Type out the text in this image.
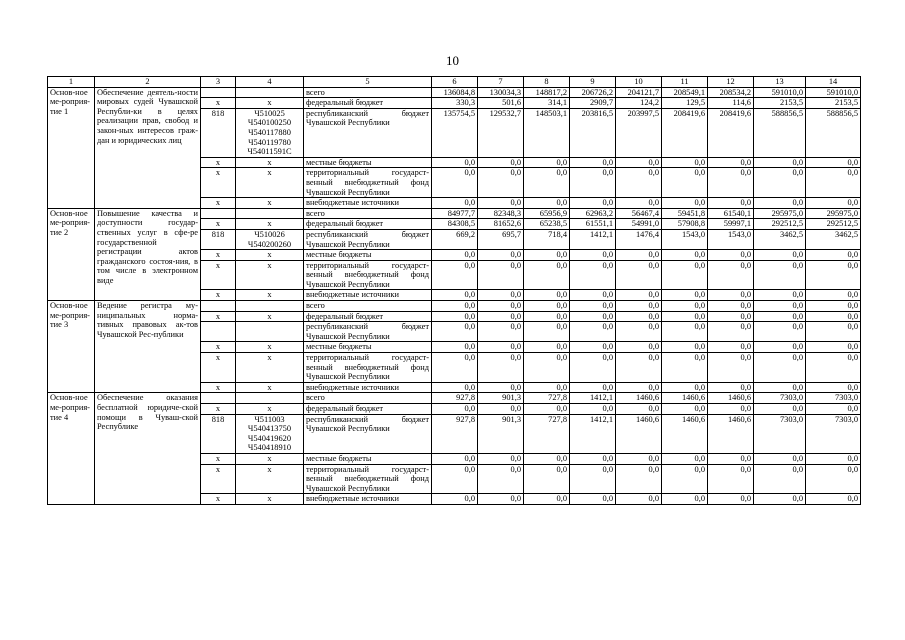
10
1	2	3	4	5	6	7	8	9	10	11	12	13	14
Основ-ное ме-роприя-тие 1	Обеспечение деятель-ности мировых судей Чувашской Республи-ки в целях реализации прав, свобод и закон-ных интересов граж-дан и юридических лиц			всего	136084,8	130034,3	148817,2	206726,2	204121,7	208549,1	208534,2	591010,0	591010,0
		x	x	федеральный бюджет	330,3	501,6	314,1	2909,7	124,2	129,5	114,6	2153,5	2153,5
		818	Ч510025
Ч540100250
Ч540117880
Ч540119780
Ч54011591С	республиканский бюджет Чувашской Республики	135754,5	129532,7	148503,1	203816,5	203997,5	208419,6	208419,6	588856,5	588856,5
		x	x	местные бюджеты	0,0	0,0	0,0	0,0	0,0	0,0	0,0	0,0	0,0
		x	x	территориальный государст-венный внебюджетный фонд Чувашской Республики	0,0	0,0	0,0	0,0	0,0	0,0	0,0	0,0	0,0
		x	x	внебюджетные источники	0,0	0,0	0,0	0,0	0,0	0,0	0,0	0,0	0,0
Основ-ное ме-роприя-тие 2	Повышение качества и доступности государ-ственных услуг в сфе-ре государственной регистрации актов гражданского состоя-ния, в том числе в электронном виде			всего	84977,7	82348,3	65956,9	62963,2	56467,4	59451,8	61540,1	295975,0	295975,0
		x	x	федеральный бюджет	84308,5	81652,6	65238,5	61551,1	54991,0	57908,8	59997,1	292512,5	292512,5
		818	Ч510026
Ч540200260	республиканский бюджет Чувашской Республики	669,2	695,7	718,4	1412,1	1476,4	1543,0	1543,0	3462,5	3462,5
		x	x	местные бюджеты	0,0	0,0	0,0	0,0	0,0	0,0	0,0	0,0	0,0
		x	x	территориальный государст-венный внебюджетный фонд Чувашской Республики	0,0	0,0	0,0	0,0	0,0	0,0	0,0	0,0	0,0
		x	x	внебюджетные источники	0,0	0,0	0,0	0,0	0,0	0,0	0,0	0,0	0,0
Основ-ное ме-роприя-тие 3	Ведение регистра му-ниципальных норма-тивных правовых ак-тов Чувашской Рес-публики			всего	0,0	0,0	0,0	0,0	0,0	0,0	0,0	0,0	0,0
		x	x	федеральный бюджет	0,0	0,0	0,0	0,0	0,0	0,0	0,0	0,0	0,0
				республиканский бюджет Чувашской Республики	0,0	0,0	0,0	0,0	0,0	0,0	0,0	0,0	0,0
		x	x	местные бюджеты	0,0	0,0	0,0	0,0	0,0	0,0	0,0	0,0	0,0
		x	x	территориальный государст-венный внебюджетный фонд Чувашской Республики	0,0	0,0	0,0	0,0	0,0	0,0	0,0	0,0	0,0
		x	x	внебюджетные источники	0,0	0,0	0,0	0,0	0,0	0,0	0,0	0,0	0,0
Основ-ное ме-роприя-тие 4	Обеспечение оказания бесплатной юридиче-ской помощи в Чуваш-ской Республике			всего	927,8	901,3	727,8	1412,1	1460,6	1460,6	1460,6	7303,0	7303,0
		x	x	федеральный бюджет	0,0	0,0	0,0	0,0	0,0	0,0	0,0	0,0	0,0
		818	Ч511003
Ч540413750
Ч540419620
Ч540418910	республиканский бюджет Чувашской Республики	927,8	901,3	727,8	1412,1	1460,6	1460,6	1460,6	7303,0	7303,0
		x	x	местные бюджеты	0,0	0,0	0,0	0,0	0,0	0,0	0,0	0,0	0,0
		x	x	территориальный государст-венный внебюджетный фонд Чувашской Республики	0,0	0,0	0,0	0,0	0,0	0,0	0,0	0,0	0,0
		x	x	внебюджетные источники	0,0	0,0	0,0	0,0	0,0	0,0	0,0	0,0	0,0
